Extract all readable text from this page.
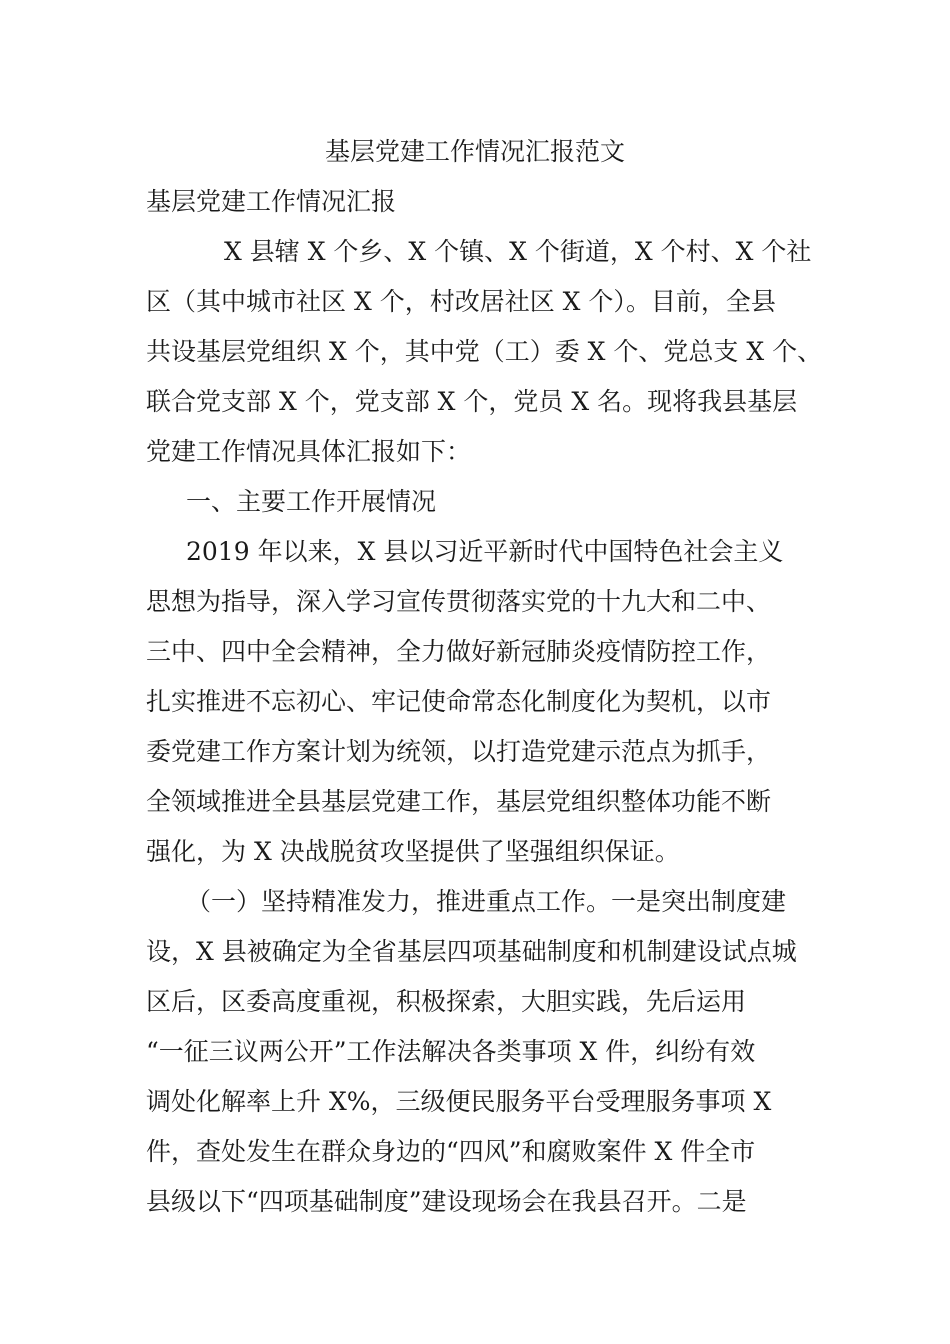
基层党建工作情况汇报范文
基层党建工作情况汇报
X 县辖 X 个乡、X 个镇、X 个街道，X 个村、X 个社
区（其中城市社区 X 个，村改居社区 X 个）。目前，全县
共设基层党组织 X 个，其中党（工）委 X 个、党总支 X 个、
联合党支部 X 个，党支部 X 个，党员 X 名。现将我县基层
党建工作情况具体汇报如下：
一、主要工作开展情况
2019 年以来，X 县以习近平新时代中国特色社会主义
思想为指导，深入学习宣传贯彻落实党的十九大和二中、
三中、四中全会精神，全力做好新冠肺炎疫情防控工作，
扎实推进不忘初心、牢记使命常态化制度化为契机，以市
委党建工作方案计划为统领，以打造党建示范点为抓手，
全领域推进全县基层党建工作，基层党组织整体功能不断
强化，为 X 决战脱贫攻坚提供了坚强组织保证。
（一）坚持精准发力，推进重点工作。一是突出制度建
设，X 县被确定为全省基层四项基础制度和机制建设试点城
区后，区委高度重视，积极探索，大胆实践，先后运用
“一征三议两公开”工作法解决各类事项 X 件，纠纷有效
调处化解率上升 X%，三级便民服务平台受理服务事项 X
件，查处发生在群众身边的“四风”和腐败案件 X 件全市
县级以下“四项基础制度”建设现场会在我县召开。二是
